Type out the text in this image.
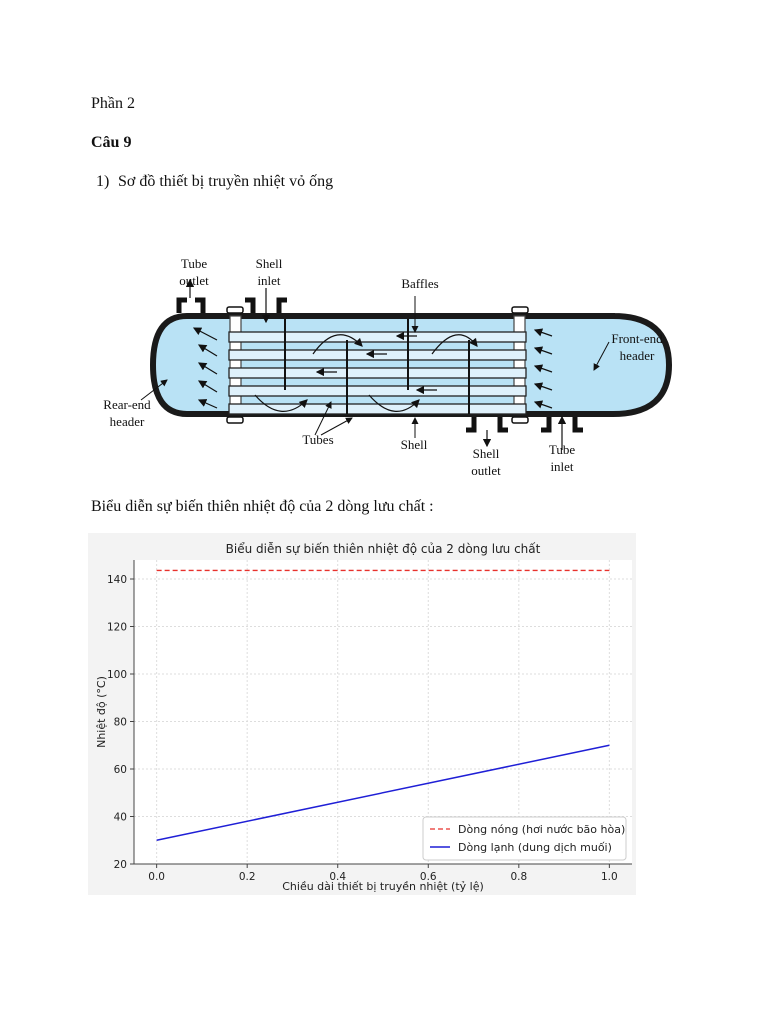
Phần 2
Câu 9
1) Sơ đồ thiết bị truyền nhiệt vỏ ống
Tube
outlet
Shell
inlet	Baffles
Front-end
header
Rear-end
header
Tubes	Shell
Shell
outlet
Tube
inlet
Biểu diễn sự biến thiên nhiệt độ của 2 dòng lưu chất :
0.0	0.2	0.4	0.6	0.8	1.0
20
40
60
80
100
120
140
Biểu diễn sự biến thiên nhiệt độ của 2 dòng lưu chất
Chiều dài thiết bị truyền nhiệt (tỷ lệ)
Nhiệt độ (°C)
Dòng nóng (hơi nước bão hòa)
Dòng lạnh (dung dịch muối)
